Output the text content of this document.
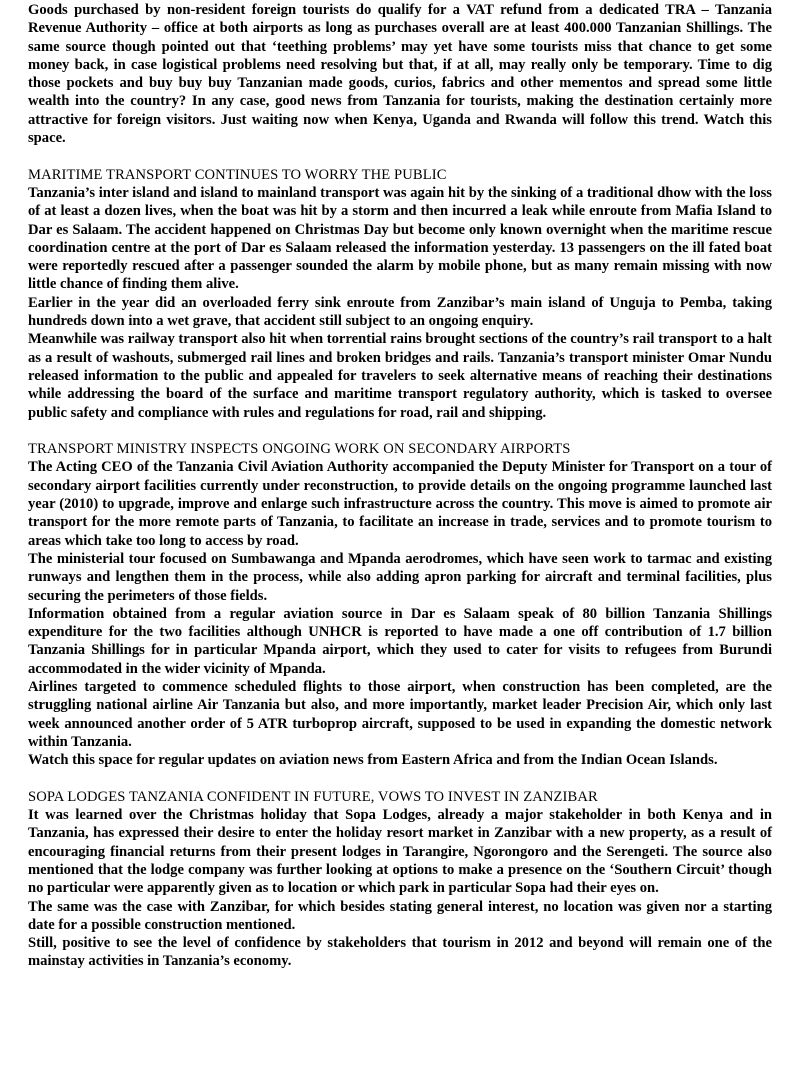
Goods purchased by non-resident foreign tourists do qualify for a VAT refund from a dedicated TRA – Tanzania Revenue Authority – office at both airports as long as purchases overall are at least 400.000 Tanzanian Shillings. The same source though pointed out that ‘teething problems’ may yet have some tourists miss that chance to get some money back, in case logistical problems need resolving but that, if at all, may really only be temporary. Time to dig those pockets and buy buy buy Tanzanian made goods, curios, fabrics and other mementos and spread some little wealth into the country? In any case, good news from Tanzania for tourists, making the destination certainly more attractive for foreign visitors. Just waiting now when Kenya, Uganda and Rwanda will follow this trend. Watch this space.

MARITIME TRANSPORT CONTINUES TO WORRY THE PUBLIC

Tanzania’s inter island and island to mainland transport was again hit by the sinking of a traditional dhow with the loss of at least a dozen lives, when the boat was hit by a storm and then incurred a leak while enroute from Mafia Island to Dar es Salaam. The accident happened on Christmas Day but become only known overnight when the maritime rescue coordination centre at the port of Dar es Salaam released the information yesterday. 13 passengers on the ill fated boat were reportedly rescued after a passenger sounded the alarm by mobile phone, but as many remain missing with now little chance of finding them alive.

Earlier in the year did an overloaded ferry sink enroute from Zanzibar’s main island of Unguja to Pemba, taking hundreds down into a wet grave, that accident still subject to an ongoing enquiry.

Meanwhile was railway transport also hit when torrential rains brought sections of the country’s rail transport to a halt as a result of washouts, submerged rail lines and broken bridges and rails. Tanzania’s transport minister Omar Nundu released information to the public and appealed for travelers to seek alternative means of reaching their destinations while addressing the board of the surface and maritime transport regulatory authority, which is tasked to oversee public safety and compliance with rules and regulations for road, rail and shipping.

TRANSPORT MINISTRY INSPECTS ONGOING WORK ON SECONDARY AIRPORTS

The Acting CEO of the Tanzania Civil Aviation Authority accompanied the Deputy Minister for Transport on a tour of secondary airport facilities currently under reconstruction, to provide details on the ongoing programme launched last year (2010) to upgrade, improve and enlarge such infrastructure across the country. This move is aimed to promote air transport for the more remote parts of Tanzania, to facilitate an increase in trade, services and to promote tourism to areas which take too long to access by road.

The ministerial tour focused on Sumbawanga and Mpanda aerodromes, which have seen work to tarmac and existing runways and lengthen them in the process, while also adding apron parking for aircraft and terminal facilities, plus securing the perimeters of those fields.

Information obtained from a regular aviation source in Dar es Salaam speak of 80 billion Tanzania Shillings expenditure for the two facilities although UNHCR is reported to have made a one off contribution of 1.7 billion Tanzania Shillings for in particular Mpanda airport, which they used to cater for visits to refugees from Burundi accommodated in the wider vicinity of Mpanda.

Airlines targeted to commence scheduled flights to those airport, when construction has been completed, are the struggling national airline Air Tanzania but also, and more importantly, market leader Precision Air, which only last week announced another order of 5 ATR turboprop aircraft, supposed to be used in expanding the domestic network within Tanzania.

Watch this space for regular updates on aviation news from Eastern Africa and from the Indian Ocean Islands.

SOPA LODGES TANZANIA CONFIDENT IN FUTURE, VOWS TO INVEST IN ZANZIBAR

It was learned over the Christmas holiday that Sopa Lodges, already a major stakeholder in both Kenya and in Tanzania, has expressed their desire to enter the holiday resort market in Zanzibar with a new property, as a result of encouraging financial returns from their present lodges in Tarangire, Ngorongoro and the Serengeti. The source also mentioned that the lodge company was further looking at options to make a presence on the ‘Southern Circuit’ though no particular were apparently given as to location or which park in particular Sopa had their eyes on.

The same was the case with Zanzibar, for which besides stating general interest, no location was given nor a starting date for a possible construction mentioned.

Still, positive to see the level of confidence by stakeholders that tourism in 2012 and beyond will remain one of the mainstay activities in Tanzania’s economy.
